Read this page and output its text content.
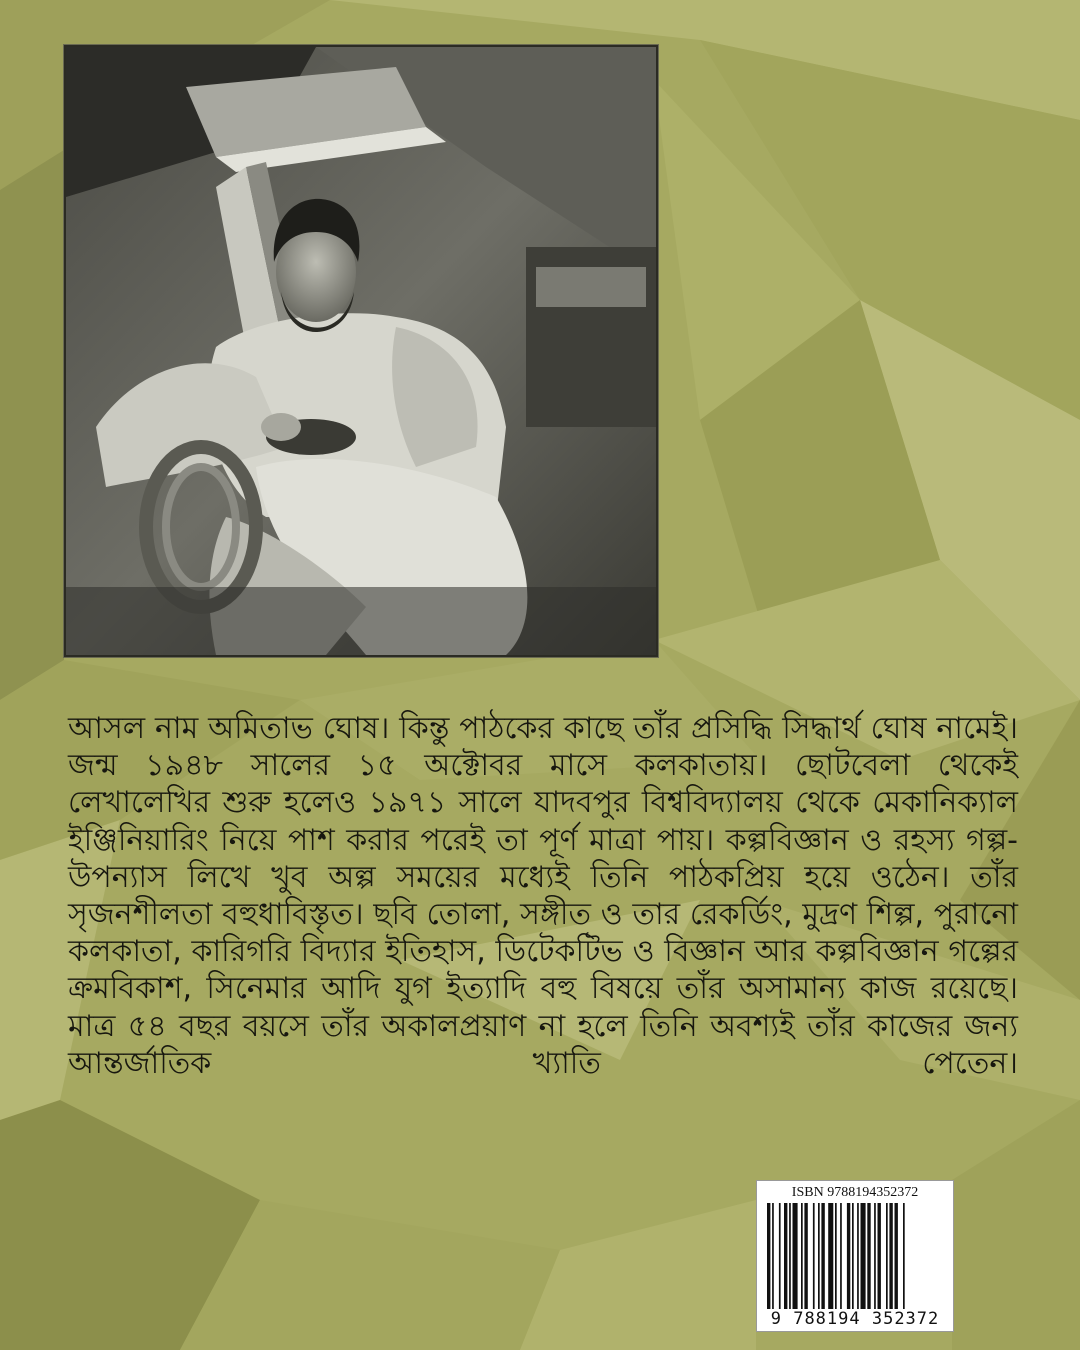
আসল নাম অমিতাভ ঘোষ। কিন্তু পাঠকের কাছে তাঁর প্রসিদ্ধি সিদ্ধার্থ ঘোষ নামেই। জন্ম ১৯৪৮ সালের ১৫ অক্টোবর মাসে কলকাতায়। ছোটবেলা থেকেই লেখালেখির শুরু হলেও ১৯৭১ সালে যাদবপুর বিশ্ববিদ্যালয় থেকে মেকানিক্যাল ইঞ্জিনিয়ারিং নিয়ে পাশ করার পরেই তা পূর্ণ মাত্রা পায়। কল্পবিজ্ঞান ও রহস্য গল্প-উপন্যাস লিখে খুব অল্প সময়ের মধ্যেই তিনি পাঠকপ্রিয় হয়ে ওঠেন। তাঁর সৃজনশীলতা বহুধাবিস্তৃত। ছবি তোলা, সঙ্গীত ও তার রেকর্ডিং, মুদ্রণ শিল্প, পুরানো কলকাতা, কারিগরি বিদ্যার ইতিহাস, ডিটেকটিভ ও বিজ্ঞান আর কল্পবিজ্ঞান গল্পের ক্রমবিকাশ, সিনেমার আদি যুগ ইত্যাদি বহু বিষয়ে তাঁর অসামান্য কাজ রয়েছে। মাত্র ৫৪ বছর বয়সে তাঁর অকালপ্রয়াণ না হলে তিনি অবশ্যই তাঁর কাজের জন্য আন্তর্জাতিক খ্যাতি পেতেন।

ISBN 9788194352372
9 788194 352372
